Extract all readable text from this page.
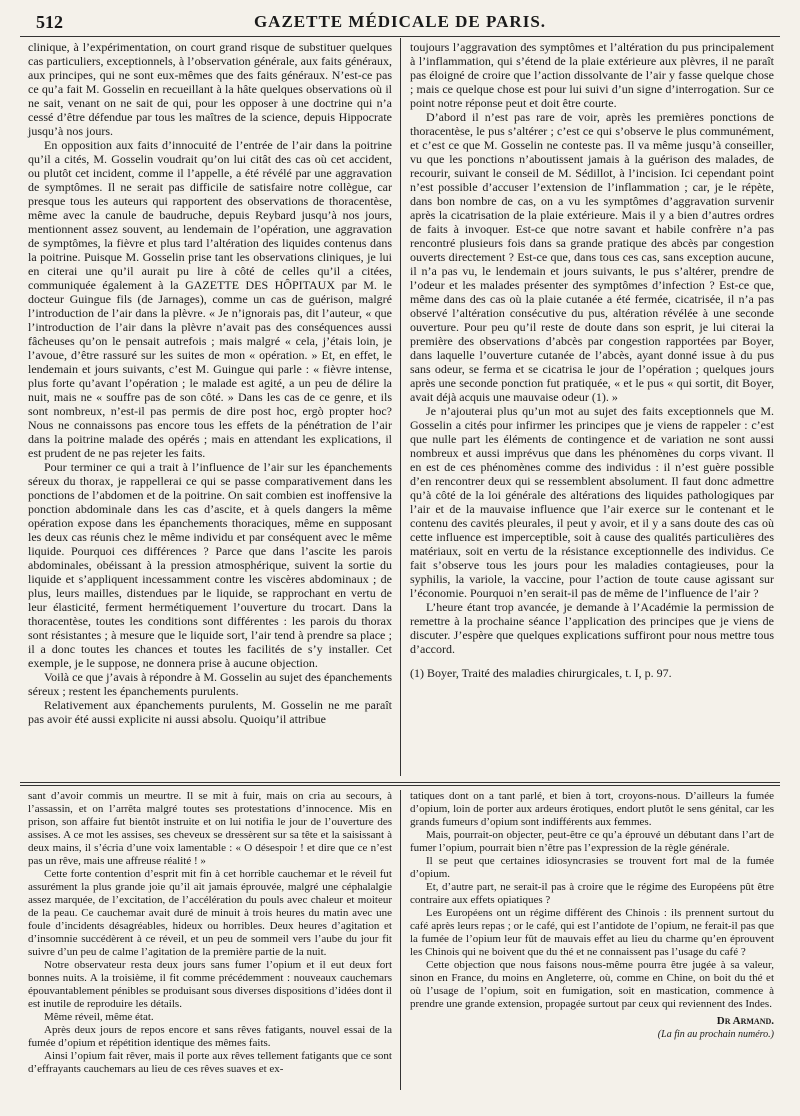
512	GAZETTE MÉDICALE DE PARIS.

clinique, à l’expérimentation, on court grand risque de substituer quelques cas particuliers, exceptionnels, à l’observation générale, aux faits généraux, aux principes, qui ne sont eux-mêmes que des faits généraux. N’est-ce pas ce qu’a fait M. Gosselin en recueillant à la hâte quelques observations où il ne sait, venant on ne sait de qui, pour les opposer à une doctrine qui n’a cessé d’être défendue par tous les maîtres de la science, depuis Hippocrate jusqu’à nos jours.

En opposition aux faits d’innocuité de l’entrée de l’air dans la poitrine qu’il a cités, M. Gosselin voudrait qu’on lui citât des cas où cet accident, ou plutôt cet incident, comme il l’appelle, a été révélé par une aggravation de symptômes. Il ne serait pas difficile de satisfaire notre collègue, car presque tous les auteurs qui rapportent des observations de thoracentèse, même avec la canule de baudruche, depuis Reybard jusqu’à nos jours, mentionnent assez souvent, au lendemain de l’opération, une aggravation de symptômes, la fièvre et plus tard l’altération des liquides contenus dans la poitrine. Puisque M. Gosselin prise tant les observations cliniques, je lui en citerai une qu’il aurait pu lire à côté de celles qu’il a citées, communiquée également à la GAZETTE DES HÔPITAUX par M. le docteur Guingue fils (de Jarnages), comme un cas de guérison, malgré l’introduction de l’air dans la plèvre. « Je n’ignorais pas, dit l’auteur, « que l’introduction de l’air dans la plèvre n’avait pas des conséquences aussi fâcheuses qu’on le pensait autrefois ; mais malgré « cela, j’étais loin, je l’avoue, d’être rassuré sur les suites de mon « opération. » Et, en effet, le lendemain et jours suivants, c’est M. Guingue qui parle : « fièvre intense, plus forte qu’avant l’opération ; le malade est agité, a un peu de délire la nuit, mais ne « souffre pas de son côté. » Dans les cas de ce genre, et ils sont nombreux, n’est-il pas permis de dire post hoc, ergò propter hoc? Nous ne connaissons pas encore tous les effets de la pénétration de l’air dans la poitrine malade des opérés ; mais en attendant les explications, il est prudent de ne pas rejeter les faits.

Pour terminer ce qui a trait à l’influence de l’air sur les épanchements séreux du thorax, je rappellerai ce qui se passe comparativement dans les ponctions de l’abdomen et de la poitrine. On sait combien est inoffensive la ponction abdominale dans les cas d’ascite, et à quels dangers la même opération expose dans les épanchements thoraciques, même en supposant les deux cas réunis chez le même individu et par conséquent avec le même liquide. Pourquoi ces différences ? Parce que dans l’ascite les parois abdominales, obéissant à la pression atmosphérique, suivent la sortie du liquide et s’appliquent incessamment contre les viscères abdominaux ; de plus, leurs mailles, distendues par le liquide, se rapprochant en vertu de leur élasticité, ferment hermétiquement l’ouverture du trocart. Dans la thoracentèse, toutes les conditions sont différentes : les parois du thorax sont résistantes ; à mesure que le liquide sort, l’air tend à prendre sa place ; il a donc toutes les chances et toutes les facilités de s’y installer. Cet exemple, je le suppose, ne donnera prise à aucune objection.

Voilà ce que j’avais à répondre à M. Gosselin au sujet des épanchements séreux ; restent les épanchements purulents.

Relativement aux épanchements purulents, M. Gosselin ne me paraît pas avoir été aussi explicite ni aussi absolu. Quoiqu’il attribue

toujours l’aggravation des symptômes et l’altération du pus principalement à l’inflammation, qui s’étend de la plaie extérieure aux plèvres, il ne paraît pas éloigné de croire que l’action dissolvante de l’air y fasse quelque chose ; mais ce quelque chose est pour lui suivi d’un signe d’interrogation. Sur ce point notre réponse peut et doit être courte.

D’abord il n’est pas rare de voir, après les premières ponctions de thoracentèse, le pus s’altérer ; c’est ce qui s’observe le plus communément, et c’est ce que M. Gosselin ne conteste pas. Il va même jusqu’à conseiller, vu que les ponctions n’aboutissent jamais à la guérison des malades, de recourir, suivant le conseil de M. Sédillot, à l’incision. Ici cependant point n’est possible d’accuser l’extension de l’inflammation ; car, je le répète, dans bon nombre de cas, on a vu les symptômes d’aggravation survenir après la cicatrisation de la plaie extérieure. Mais il y a bien d’autres ordres de faits à invoquer. Est-ce que notre savant et habile confrère n’a pas rencontré plusieurs fois dans sa grande pratique des abcès par congestion ouverts directement ? Est-ce que, dans tous ces cas, sans exception aucune, il n’a pas vu, le lendemain et jours suivants, le pus s’altérer, prendre de l’odeur et les malades présenter des symptômes d’infection ? Est-ce que, même dans des cas où la plaie cutanée a été fermée, cicatrisée, il n’a pas observé l’altération consécutive du pus, altération révélée à une seconde ouverture. Pour peu qu’il reste de doute dans son esprit, je lui citerai la première des observations d’abcès par congestion rapportées par Boyer, dans laquelle l’ouverture cutanée de l’abcès, ayant donné issue à du pus sans odeur, se ferma et se cicatrisa le jour de l’opération ; quelques jours après une seconde ponction fut pratiquée, « et le pus « qui sortit, dit Boyer, avait déjà acquis une mauvaise odeur (1). »

Je n’ajouterai plus qu’un mot au sujet des faits exceptionnels que M. Gosselin a cités pour infirmer les principes que je viens de rappeler : c’est que nulle part les éléments de contingence et de variation ne sont aussi nombreux et aussi imprévus que dans les phénomènes du corps vivant. Il en est de ces phénomènes comme des individus : il n’est guère possible d’en rencontrer deux qui se ressemblent absolument. Il faut donc admettre qu’à côté de la loi générale des altérations des liquides pathologiques par l’air et de la mauvaise influence que l’air exerce sur le contenant et le contenu des cavités pleurales, il peut y avoir, et il y a sans doute des cas où cette influence est imperceptible, soit à cause des qualités particulières des matériaux, soit en vertu de la résistance exceptionnelle des individus. Ce fait s’observe tous les jours pour les maladies contagieuses, pour la syphilis, la variole, la vaccine, pour l’action de toute cause agissant sur l’économie. Pourquoi n’en serait-il pas de même de l’influence de l’air ?

L’heure étant trop avancée, je demande à l’Académie la permission de remettre à la prochaine séance l’application des principes que je viens de discuter. J’espère que quelques explications suffiront pour nous mettre tous d’accord.

(1) Boyer, Traité des maladies chirurgicales, t. I, p. 97.

sant d’avoir commis un meurtre. Il se mit à fuir, mais on cria au secours, à l’assassin, et on l’arrêta malgré toutes ses protestations d’innocence. Mis en prison, son affaire fut bientôt instruite et on lui notifia le jour de l’ouverture des assises. A ce mot les assises, ses cheveux se dressèrent sur sa tête et la saisissant à deux mains, il s’écria d’une voix lamentable : « O désespoir ! et dire que ce n’est pas un rêve, mais une affreuse réalité ! »

Cette forte contention d’esprit mit fin à cet horrible cauchemar et le réveil fut assurément la plus grande joie qu’il ait jamais éprouvée, malgré une céphalalgie assez marquée, de l’excitation, de l’accélération du pouls avec chaleur et moiteur de la peau. Ce cauchemar avait duré de minuit à trois heures du matin avec une foule d’incidents désagréables, hideux ou horribles. Deux heures d’agitation et d’insomnie succédèrent à ce réveil, et un peu de sommeil vers l’aube du jour fit suivre d’un peu de calme l’agitation de la première partie de la nuit.

Notre observateur resta deux jours sans fumer l’opium et il eut deux fort bonnes nuits. A la troisième, il fit comme précédemment : nouveaux cauchemars épouvantablement pénibles se produisant sous diverses dispositions d’idées dont il est inutile de reproduire les détails.

Même réveil, même état.

Après deux jours de repos encore et sans rêves fatigants, nouvel essai de la fumée d’opium et répétition identique des mêmes faits.

Ainsi l’opium fait rêver, mais il porte aux rêves tellement fatigants que ce sont d’effrayants cauchemars au lieu de ces rêves suaves et ex-

tatiques dont on a tant parlé, et bien à tort, croyons-nous. D’ailleurs la fumée d’opium, loin de porter aux ardeurs érotiques, endort plutôt le sens génital, car les grands fumeurs d’opium sont indifférents aux femmes.

Mais, pourrait-on objecter, peut-être ce qu’a éprouvé un débutant dans l’art de fumer l’opium, pourrait bien n’être pas l’expression de la règle générale.

Il se peut que certaines idiosyncrasies se trouvent fort mal de la fumée d’opium.

Et, d’autre part, ne serait-il pas à croire que le régime des Européens pût être contraire aux effets opiatiques ?

Les Européens ont un régime différent des Chinois : ils prennent surtout du café après leurs repas ; or le café, qui est l’antidote de l’opium, ne ferait-il pas que la fumée de l’opium leur fût de mauvais effet au lieu du charme qu’en éprouvent les Chinois qui ne boivent que du thé et ne connaissent pas l’usage du café ?

Cette objection que nous faisons nous-même pourra être jugée à sa valeur, sinon en France, du moins en Angleterre, où, comme en Chine, on boit du thé et où l’usage de l’opium, soit en fumigation, soit en mastication, commence à prendre une grande extension, propagée surtout par ceux qui reviennent des Indes.

Dr Armand.
(La fin au prochain numéro.)
